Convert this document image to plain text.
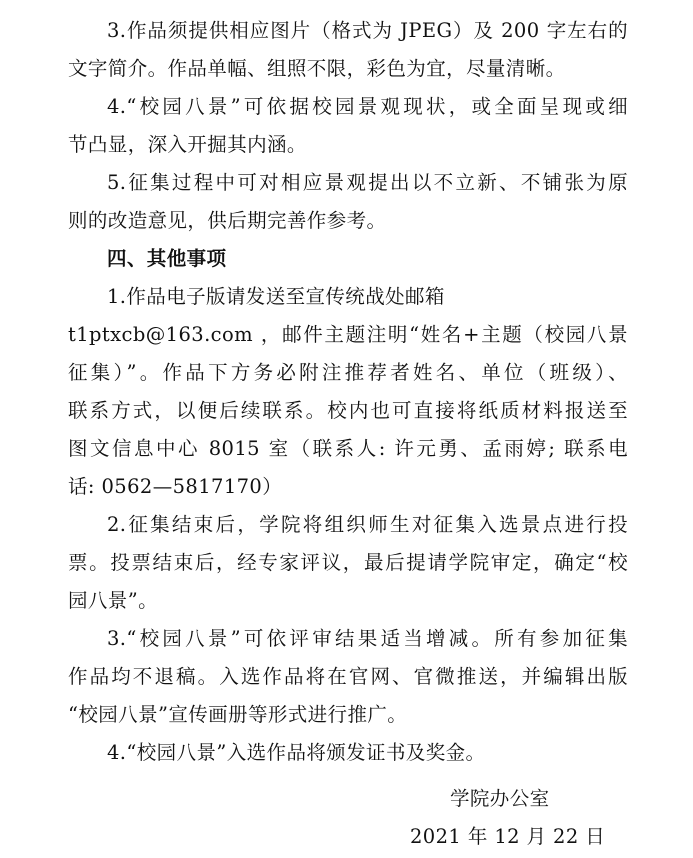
3.作品须提供相应图片（格式为 JPEG）及 200 字左右的
文字简介。作品单幅、组照不限，彩色为宜，尽量清晰。
4.“校园八景”可依据校园景观现状，或全面呈现或细
节凸显，深入开掘其内涵。
5.征集过程中可对相应景观提出以不立新、不铺张为原
则的改造意见，供后期完善作参考。
四、其他事项
1.作品电子版请发送至宣传统战处邮箱
t1ptxcb@163.com ，邮件主题注明“姓名+主题（校园八景
征集）”。作品下方务必附注推荐者姓名、单位（班级）、
联系方式，以便后续联系。校内也可直接将纸质材料报送至
图文信息中心 8015 室（联系人: 许元勇、孟雨婷; 联系电
话: 0562—5817170）
2.征集结束后，学院将组织师生对征集入选景点进行投
票。投票结束后，经专家评议，最后提请学院审定，确定“校
园八景”。
3.“校园八景”可依评审结果适当增减。所有参加征集
作品均不退稿。入选作品将在官网、官微推送，并编辑出版
“校园八景”宣传画册等形式进行推广。
4.“校园八景”入选作品将颁发证书及奖金。
学院办公室
2021 年 12 月 22 日
